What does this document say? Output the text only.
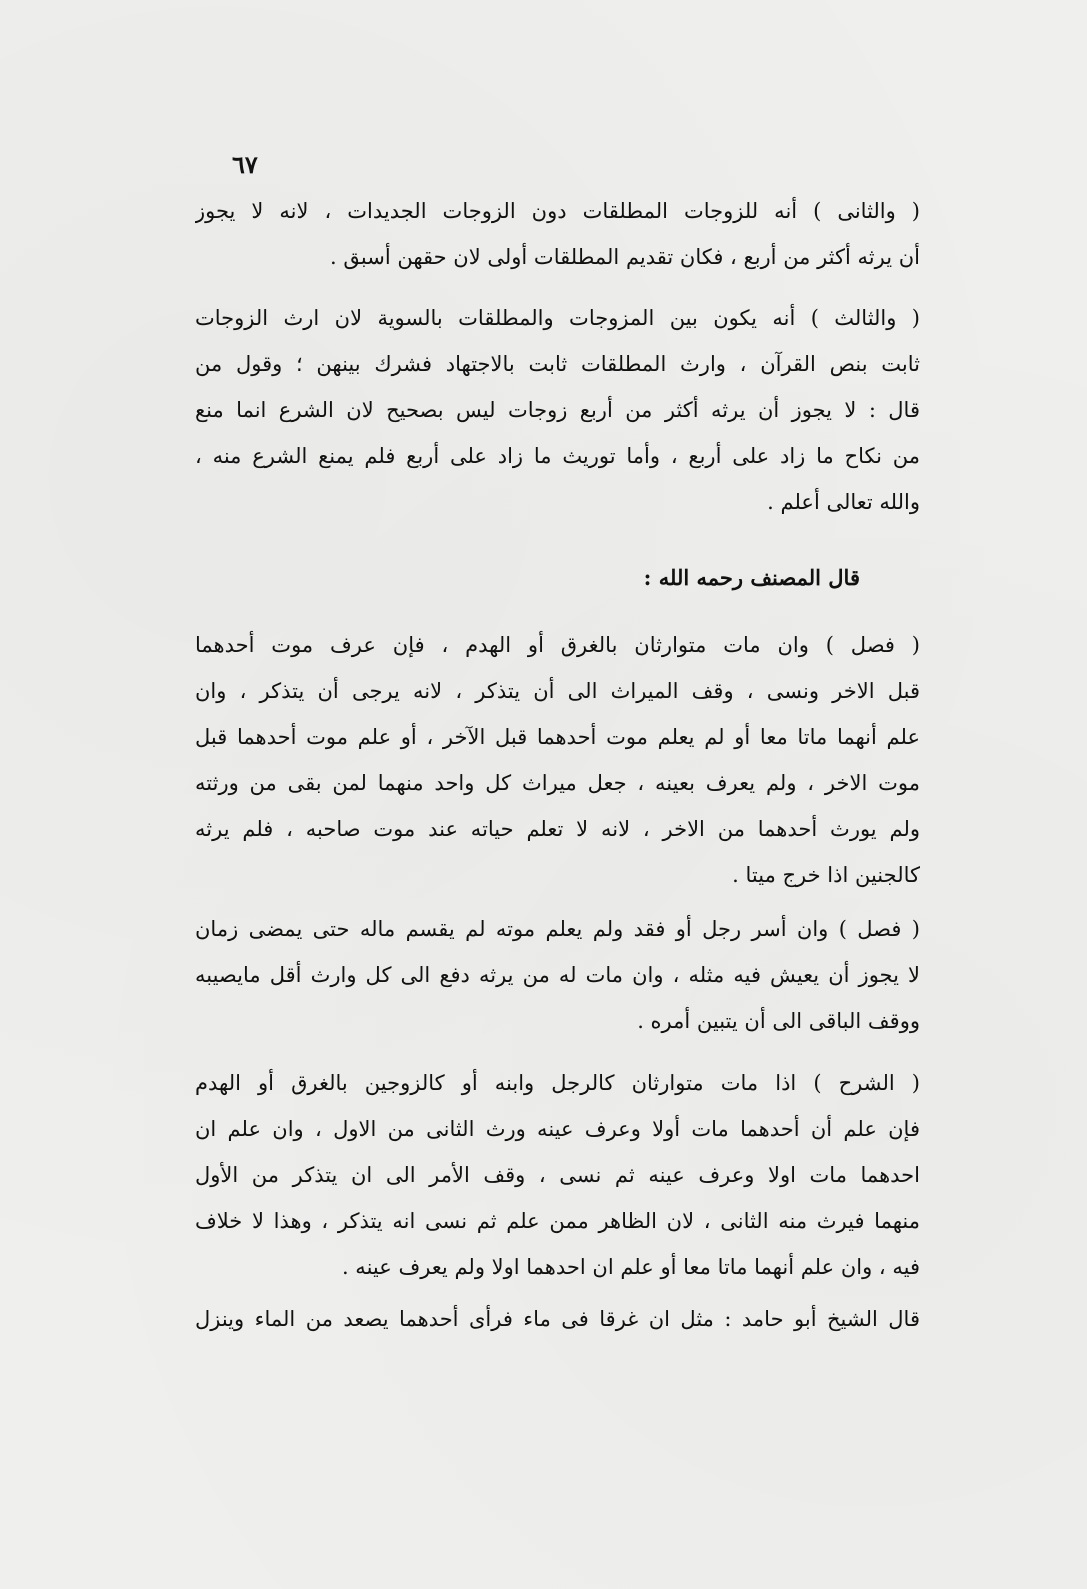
٦٧
( والثانى ) أنه للزوجات المطلقات دون الزوجات الجديدات ، لانه لا يجوز
أن يرثه أكثر من أربع ، فكان تقديم المطلقات أولى لان حقهن أسبق .
( والثالث ) أنه يكون بين المزوجات والمطلقات بالسوية لان ارث الزوجات
ثابت بنص القرآن ، وارث المطلقات ثابت بالاجتهاد فشرك بينهن ؛ وقول من
قال : لا يجوز أن يرثه أكثر من أربع زوجات ليس بصحيح لان الشرع انما منع
من نكاح ما زاد على أربع ، وأما توريث ما زاد على أربع فلم يمنع الشرع منه ،
والله تعالى أعلم .
قال المصنف رحمه الله :
( فصل ) وان مات متوارثان بالغرق أو الهدم ، فإن عرف موت أحدهما
قبل الاخر ونسى ، وقف الميراث الى أن يتذكر ، لانه يرجى أن يتذكر ، وان
علم أنهما ماتا معا أو لم يعلم موت أحدهما قبل الآخر ، أو علم موت أحدهما قبل
موت الاخر ، ولم يعرف بعينه ، جعل ميراث كل واحد منهما لمن بقى من ورثته
ولم يورث أحدهما من الاخر ، لانه لا تعلم حياته عند موت صاحبه ، فلم يرثه
كالجنين اذا خرج ميتا .
( فصل ) وان أسر رجل أو فقد ولم يعلم موته لم يقسم ماله حتى يمضى زمان
لا يجوز أن يعيش فيه مثله ، وان مات له من يرثه دفع الى كل وارث أقل مايصيبه
ووقف الباقى الى أن يتبين أمره .
( الشرح ) اذا مات متوارثان كالرجل وابنه أو كالزوجين بالغرق أو الهدم
فإن علم أن أحدهما مات أولا وعرف عينه ورث الثانى من الاول ، وان علم ان
احدهما مات اولا وعرف عينه ثم نسى ، وقف الأمر الى ان يتذكر من الأول
منهما فيرث منه الثانى ، لان الظاهر ممن علم ثم نسى انه يتذكر ، وهذا لا خلاف
فيه ، وان علم أنهما ماتا معا أو علم ان احدهما اولا ولم يعرف عينه .
قال الشيخ أبو حامد : مثل ان غرقا فى ماء فرأى أحدهما يصعد من الماء وينزل
